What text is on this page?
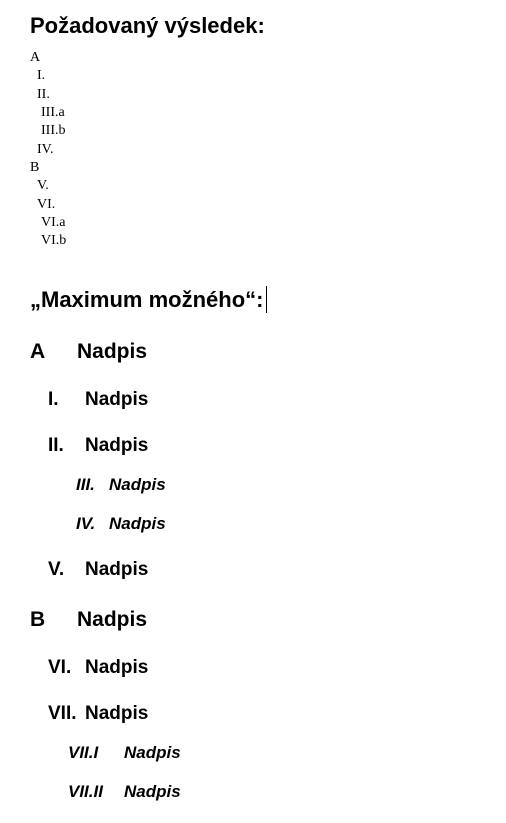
Požadovaný výsledek:
A
I.
II.
III.a
III.b
IV.
B
V.
VI.
VI.a
VI.b
„Maximum možného“:
A Nadpis
I. Nadpis
II. Nadpis
III. Nadpis
IV. Nadpis
V. Nadpis
B Nadpis
VI. Nadpis
VII. Nadpis
VII.I Nadpis
VII.II Nadpis
